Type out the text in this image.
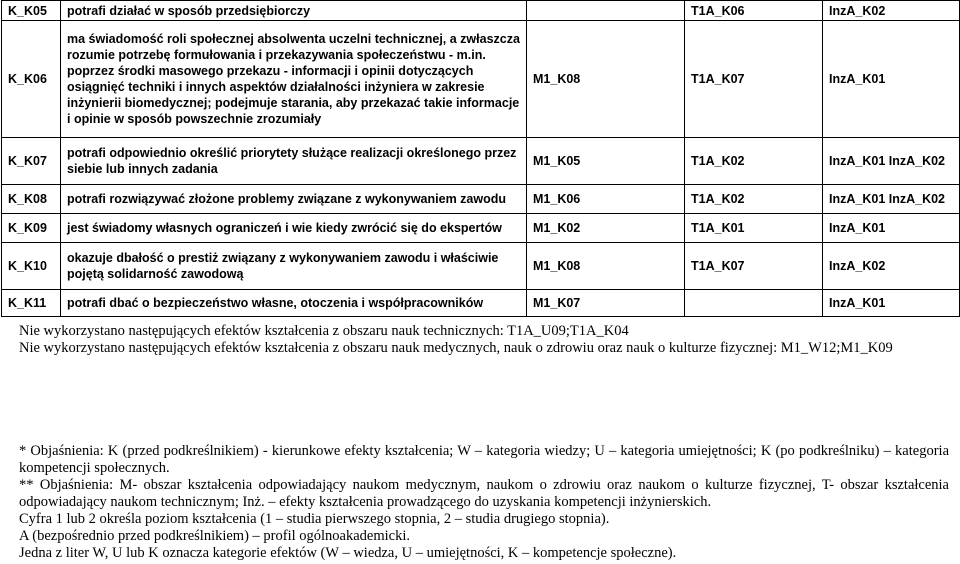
K_K05	potrafi działać w sposób przedsiębiorczy		T1A_K06	InzA_K02
K_K06	ma świadomość roli społecznej absolwenta uczelni technicznej, a zwłaszcza rozumie potrzebę formułowania i przekazywania społeczeństwu - m.in. poprzez środki masowego przekazu - informacji i opinii dotyczących osiągnięć techniki i innych aspektów działalności inżyniera w zakresie inżynierii biomedycznej; podejmuje starania, aby przekazać takie informacje i opinie w sposób powszechnie zrozumiały	M1_K08	T1A_K07	InzA_K01
K_K07	potrafi odpowiednio określić priorytety służące realizacji określonego przez siebie lub innych zadania	M1_K05	T1A_K02	InzA_K01 InzA_K02
K_K08	potrafi rozwiązywać złożone problemy związane z wykonywaniem zawodu	M1_K06	T1A_K02	InzA_K01 InzA_K02
K_K09	jest świadomy własnych ograniczeń i wie kiedy zwrócić się do ekspertów	M1_K02	T1A_K01	InzA_K01
K_K10	okazuje dbałość o prestiż związany z wykonywaniem zawodu i właściwie pojętą solidarność zawodową	M1_K08	T1A_K07	InzA_K02
K_K11	potrafi dbać o bezpieczeństwo własne, otoczenia i współpracowników	M1_K07		InzA_K01

Nie wykorzystano następujących efektów kształcenia z obszaru nauk technicznych: T1A_U09;T1A_K04

Nie wykorzystano następujących efektów kształcenia z obszaru nauk medycznych, nauk o zdrowiu oraz nauk o kulturze fizycznej: M1_W12;M1_K09

* Objaśnienia: K (przed podkreślnikiem) - kierunkowe efekty kształcenia; W – kategoria wiedzy; U – kategoria umiejętności; K (po podkreślniku) – kategoria kompetencji społecznych.

** Objaśnienia: M- obszar kształcenia odpowiadający naukom medycznym, naukom o zdrowiu oraz naukom o kulturze fizycznej, T- obszar kształcenia odpowiadający naukom technicznym; Inż. – efekty kształcenia prowadzącego do uzyskania kompetencji inżynierskich.

Cyfra 1 lub 2 określa poziom kształcenia (1 – studia pierwszego stopnia, 2 – studia drugiego stopnia).

A (bezpośrednio przed podkreślnikiem) – profil ogólnoakademicki.

Jedna z liter W, U lub K oznacza kategorie efektów (W – wiedza, U – umiejętności, K – kompetencje społeczne).
